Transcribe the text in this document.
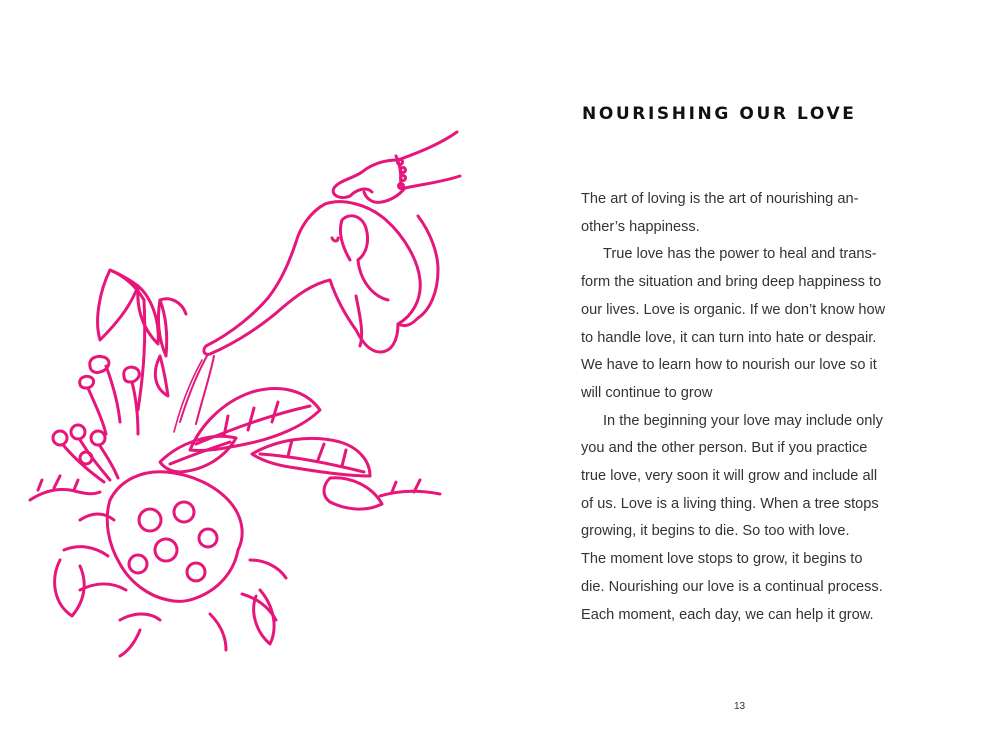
NOURISHING OUR LOVE
The art of loving is the art of nourishing an-
other’s happiness.
True love has the power to heal and trans-
form the situation and bring deep happiness to
our lives. Love is organic. If we don’t know how
to handle love, it can turn into hate or despair.
We have to learn how to nourish our love so it
will continue to grow
In the beginning your love may include only
you and the other person. But if you practice
true love, very soon it will grow and include all
of us. Love is a living thing. When a tree stops
growing, it begins to die. So too with love.
The moment love stops to grow, it begins to
die. Nourishing our love is a continual process.
Each moment, each day, we can help it grow.
13
